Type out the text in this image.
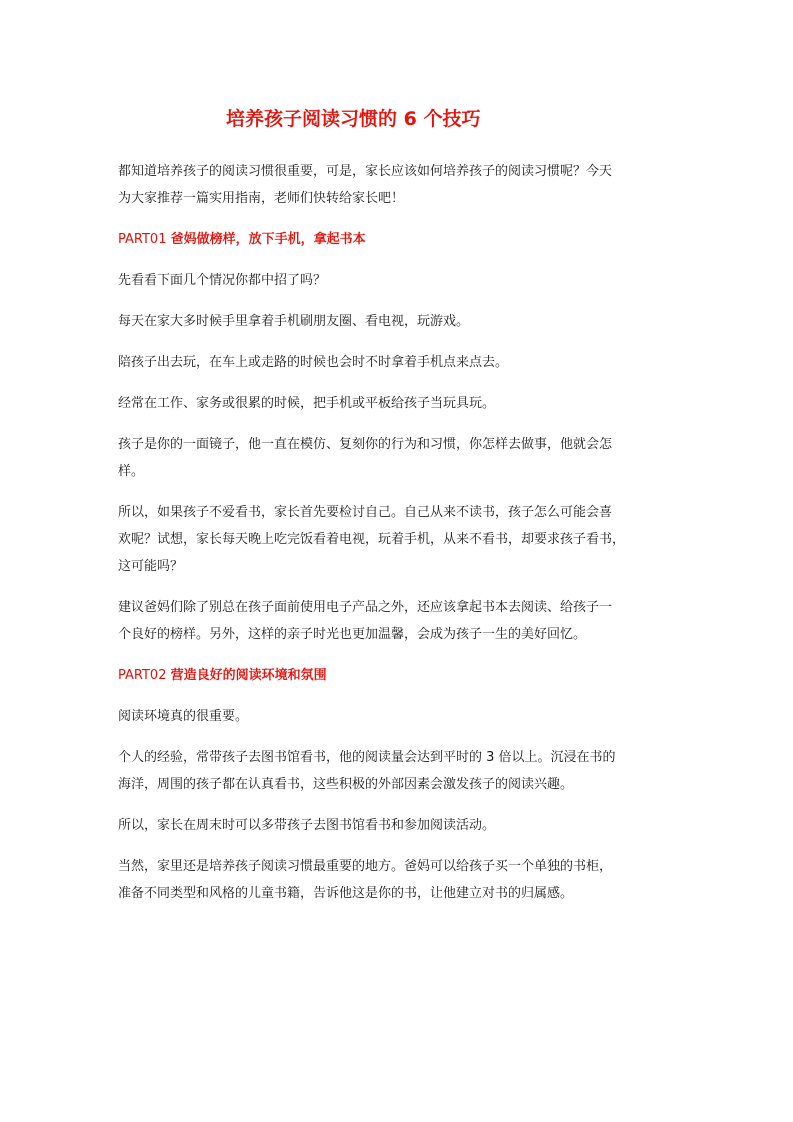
培养孩子阅读习惯的 6 个技巧

都知道培养孩子的阅读习惯很重要，可是，家长应该如何培养孩子的阅读习惯呢？今天
为大家推荐一篇实用指南，老师们快转给家长吧！

PART01 爸妈做榜样，放下手机，拿起书本

先看看下面几个情况你都中招了吗？

每天在家大多时候手里拿着手机刷朋友圈、看电视，玩游戏。

陪孩子出去玩，在车上或走路的时候也会时不时拿着手机点来点去。

经常在工作、家务或很累的时候，把手机或平板给孩子当玩具玩。

孩子是你的一面镜子，他一直在模仿、复刻你的行为和习惯，你怎样去做事，他就会怎
样。

所以，如果孩子不爱看书，家长首先要检讨自己。自己从来不读书，孩子怎么可能会喜
欢呢？试想，家长每天晚上吃完饭看着电视，玩着手机，从来不看书，却要求孩子看书，
这可能吗？

建议爸妈们除了别总在孩子面前使用电子产品之外，还应该拿起书本去阅读、给孩子一
个良好的榜样。另外，这样的亲子时光也更加温馨，会成为孩子一生的美好回忆。

PART02 营造良好的阅读环境和氛围

阅读环境真的很重要。

个人的经验，常带孩子去图书馆看书，他的阅读量会达到平时的 3 倍以上。沉浸在书的
海洋，周围的孩子都在认真看书，这些积极的外部因素会激发孩子的阅读兴趣。

所以，家长在周末时可以多带孩子去图书馆看书和参加阅读活动。

当然，家里还是培养孩子阅读习惯最重要的地方。爸妈可以给孩子买一个单独的书柜，
准备不同类型和风格的儿童书籍，告诉他这是你的书，让他建立对书的归属感。
